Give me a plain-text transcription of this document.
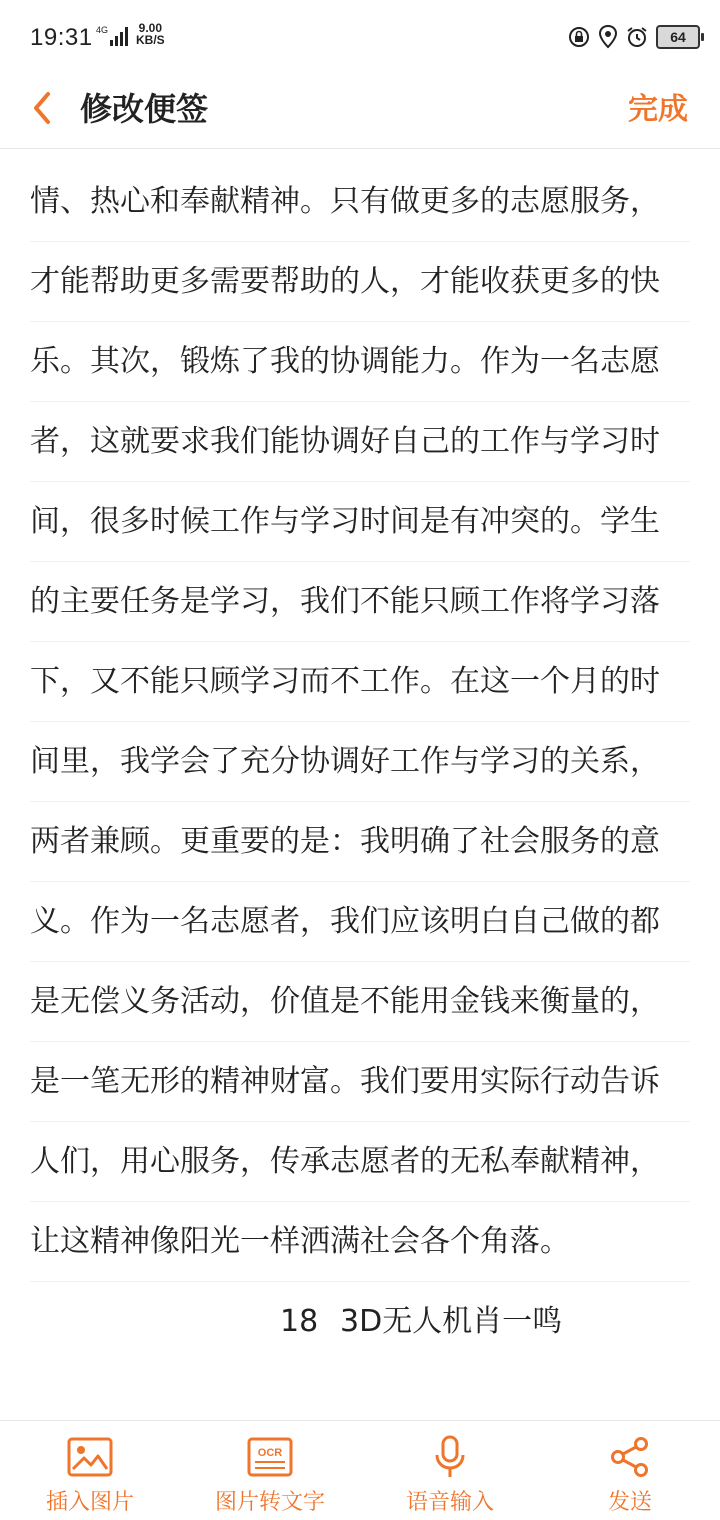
19:31 4G	9.00
KB/S	64
修改便签	完成
情、热心和奉献精神。只有做更多的志愿服务，
才能帮助更多需要帮助的人，才能收获更多的快
乐。其次，锻炼了我的协调能力。作为一名志愿
者，这就要求我们能协调好自己的工作与学习时
间，很多时候工作与学习时间是有冲突的。学生
的主要任务是学习，我们不能只顾工作将学习落
下，又不能只顾学习而不工作。在这一个月的时
间里，我学会了充分协调好工作与学习的关系，
两者兼顾。更重要的是：我明确了社会服务的意
义。作为一名志愿者，我们应该明白自己做的都
是无偿义务活动，价值是不能用金钱来衡量的，
是一笔无形的精神财富。我们要用实际行动告诉
人们，用心服务，传承志愿者的无私奉献精神，
让这精神像阳光一样洒满社会各个角落。
18 3D无人机肖一鸣
插入图片
OCR
图片转文字	语音输入	发送
